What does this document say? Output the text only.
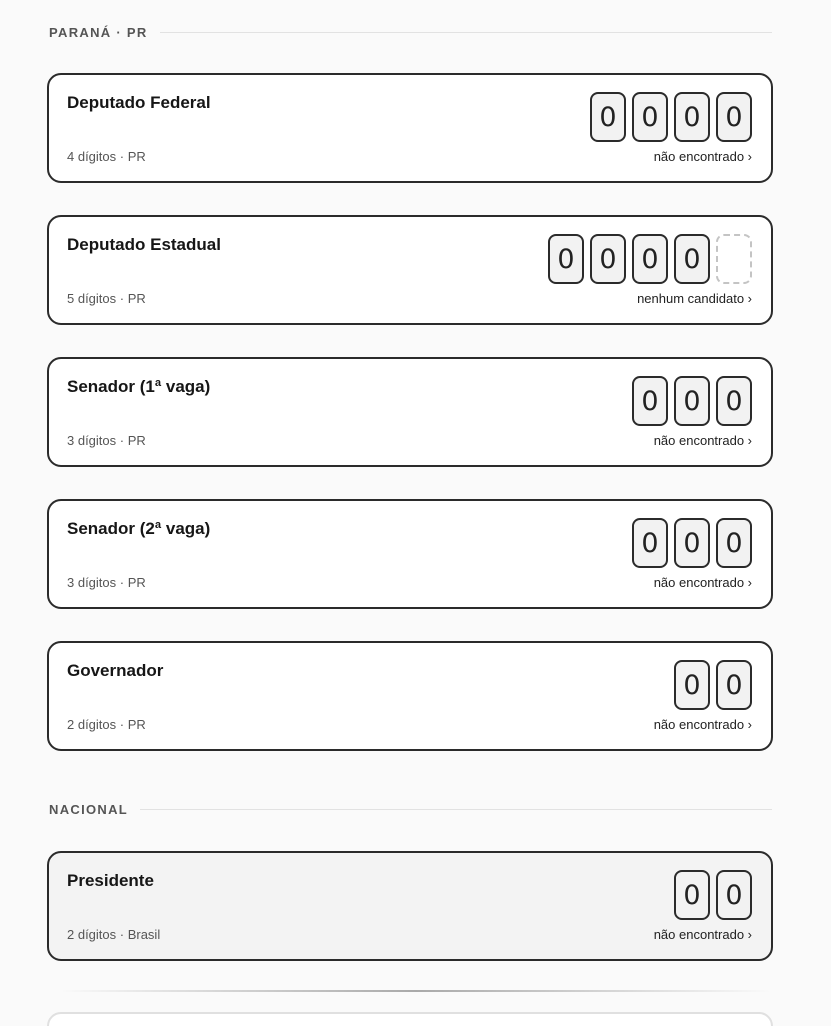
PARANÁ · PR
Deputado Federal	0 0 0 0
4 dígitos · PR	não encontrado ›
Deputado Estadual	0 0 0 0
5 dígitos · PR	nenhum candidato ›
Senador (1ª vaga)	0 0 0
3 dígitos · PR	não encontrado ›
Senador (2ª vaga)	0 0 0
3 dígitos · PR	não encontrado ›
Governador	0 0
2 dígitos · PR	não encontrado ›
NACIONAL
Presidente	0 0
2 dígitos · Brasil	não encontrado ›
